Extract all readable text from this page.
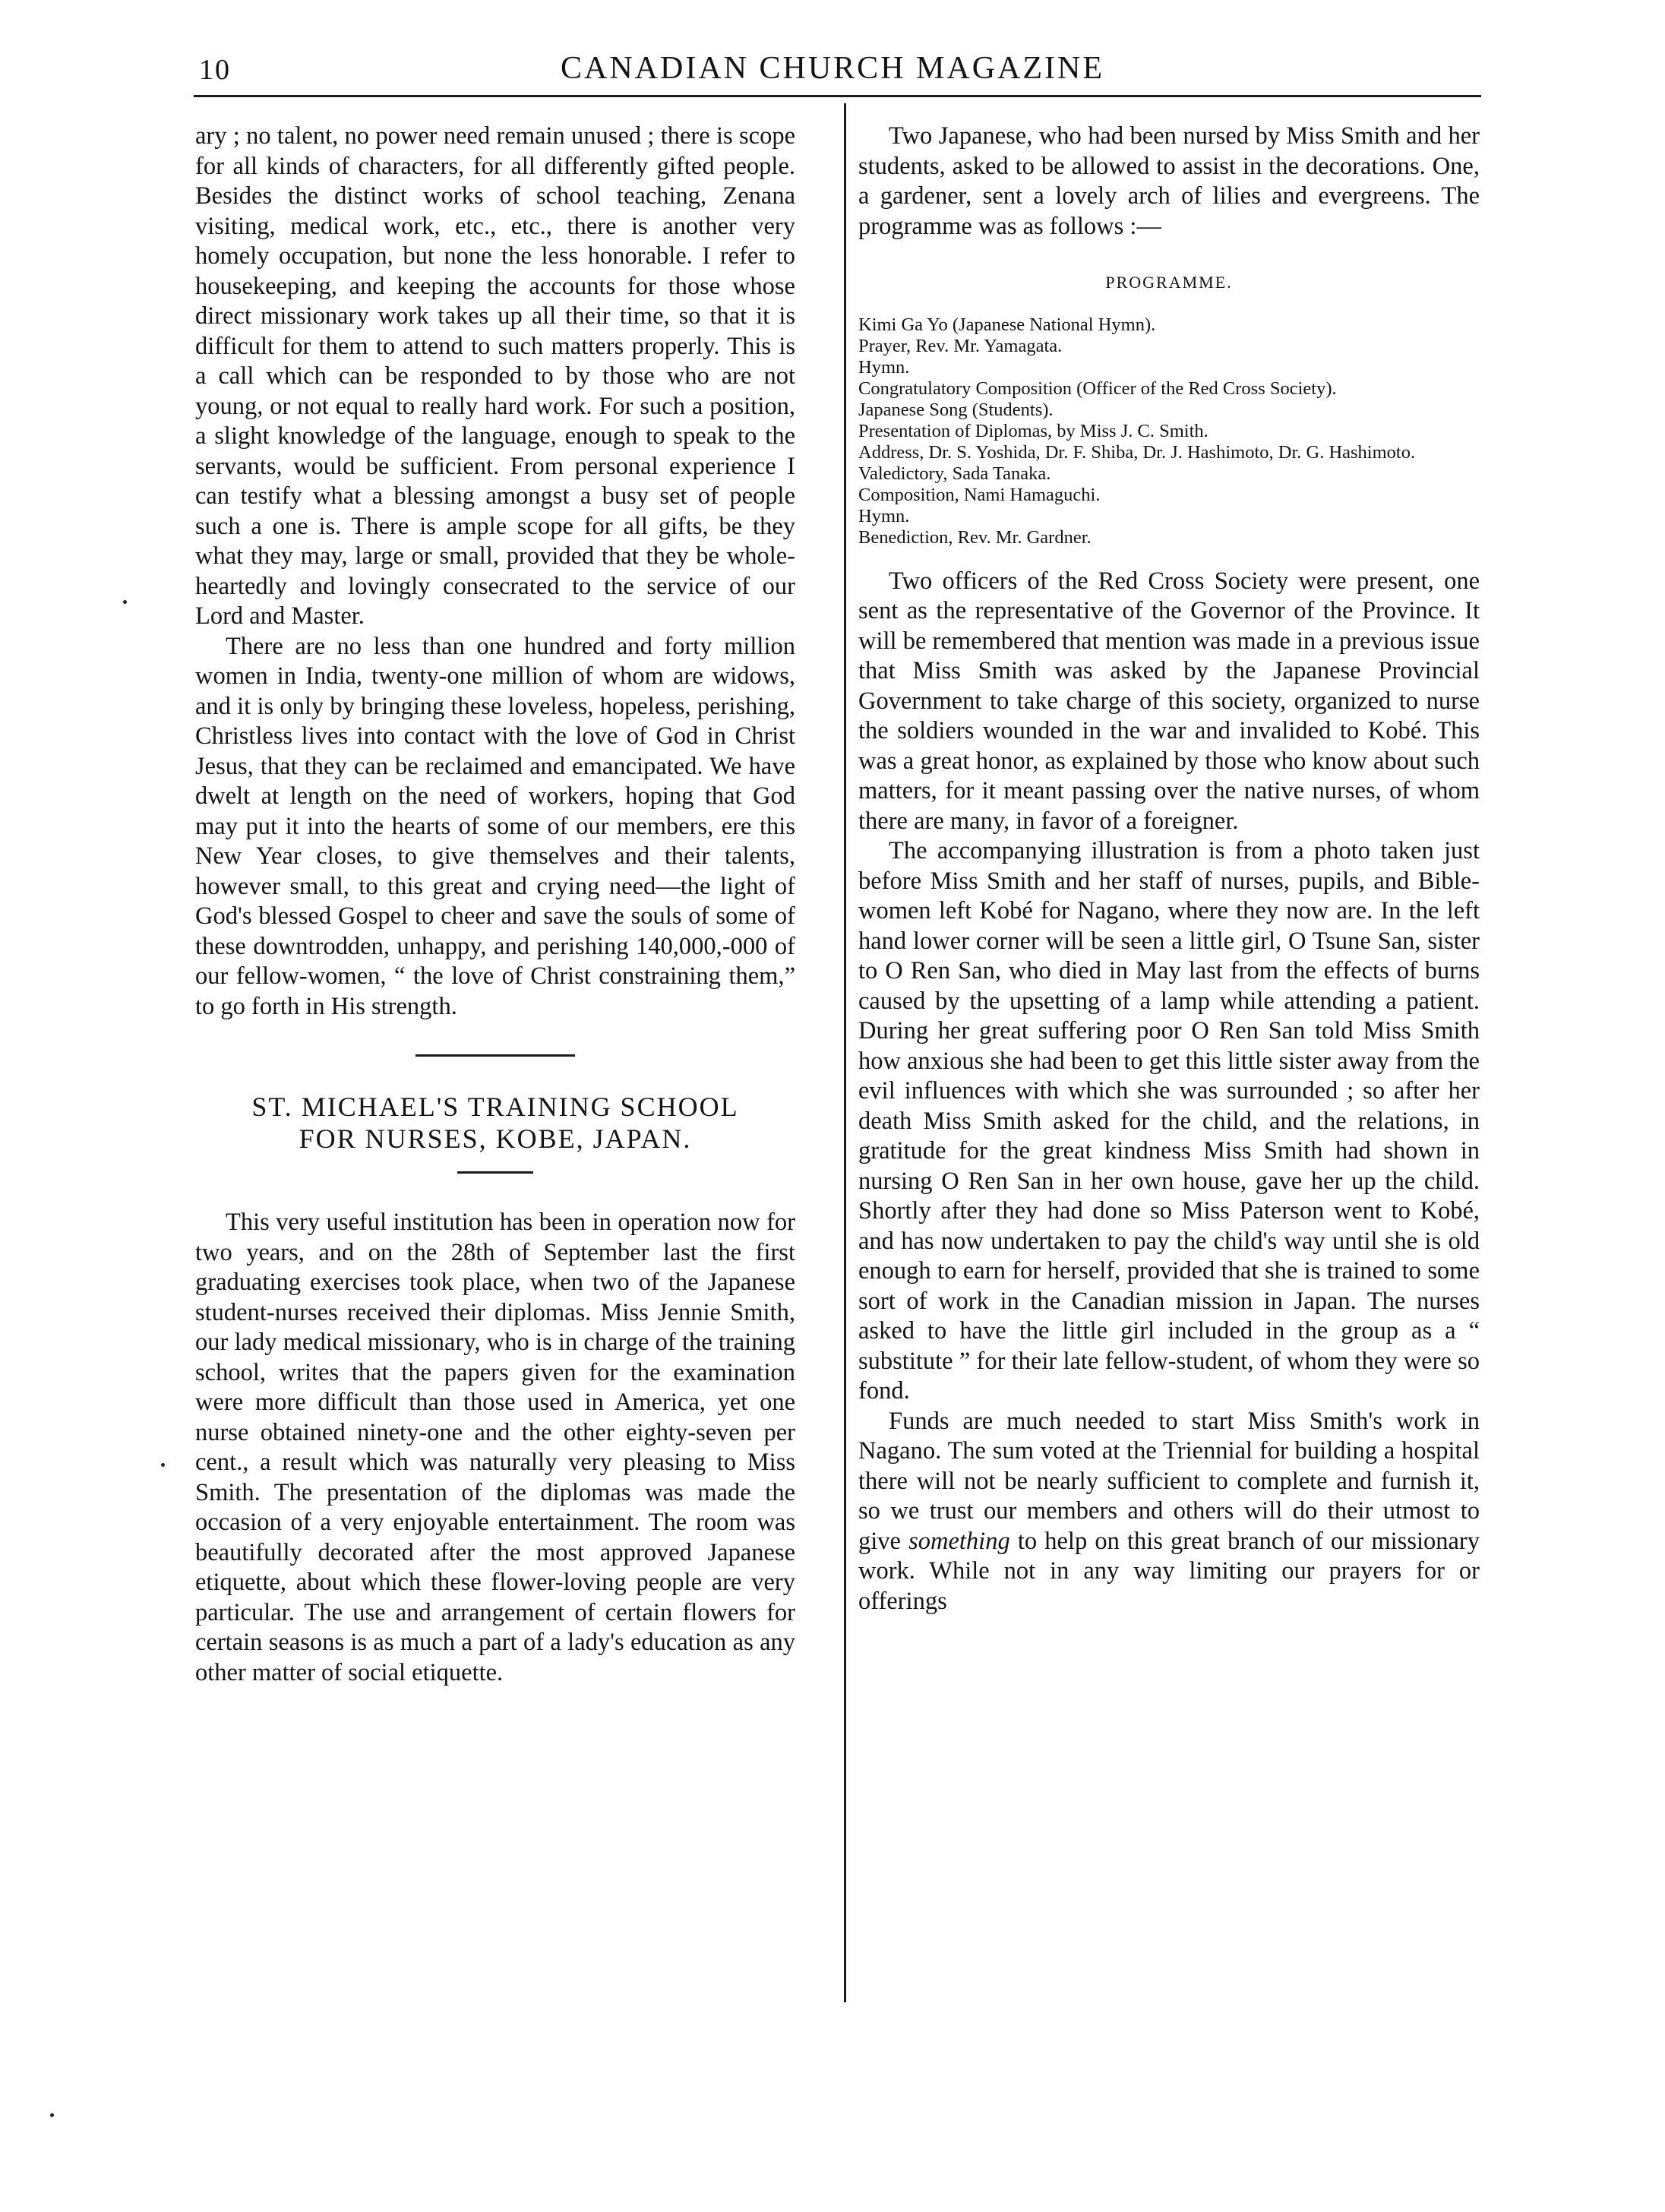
10	CANADIAN CHURCH MAGAZINE

ary ; no talent, no power need remain unused ; there is scope for all kinds of characters, for all differently gifted people. Besides the distinct works of school teaching, Zenana visiting, medical work, etc., etc., there is another very homely occupation, but none the less honorable. I refer to housekeeping, and keeping the accounts for those whose direct missionary work takes up all their time, so that it is difficult for them to attend to such matters properly. This is a call which can be responded to by those who are not young, or not equal to really hard work. For such a position, a slight knowledge of the language, enough to speak to the servants, would be sufficient. From personal experience I can testify what a blessing amongst a busy set of people such a one is. There is ample scope for all gifts, be they what they may, large or small, provided that they be whole-heartedly and lovingly consecrated to the service of our Lord and Master.

There are no less than one hundred and forty million women in India, twenty-one million of whom are widows, and it is only by bringing these loveless, hopeless, perishing, Christless lives into contact with the love of God in Christ Jesus, that they can be reclaimed and emancipated. We have dwelt at length on the need of workers, hoping that God may put it into the hearts of some of our members, ere this New Year closes, to give themselves and their talents, however small, to this great and crying need—the light of God's blessed Gospel to cheer and save the souls of some of these downtrodden, unhappy, and perishing 140,000,-000 of our fellow-women, “ the love of Christ constraining them,” to go forth in His strength.

ST. MICHAEL'S TRAINING SCHOOL
FOR NURSES, KOBE, JAPAN.

This very useful institution has been in operation now for two years, and on the 28th of September last the first graduating exercises took place, when two of the Japanese student-nurses received their diplomas. Miss Jennie Smith, our lady medical missionary, who is in charge of the training school, writes that the papers given for the examination were more difficult than those used in America, yet one nurse obtained ninety-one and the other eighty-seven per cent., a result which was naturally very pleasing to Miss Smith. The presentation of the diplomas was made the occasion of a very enjoyable entertainment. The room was beautifully decorated after the most approved Japanese etiquette, about which these flower-loving people are very particular. The use and arrangement of certain flowers for certain seasons is as much a part of a lady's education as any other matter of social etiquette.

Two Japanese, who had been nursed by Miss Smith and her students, asked to be allowed to assist in the decorations. One, a gardener, sent a lovely arch of lilies and evergreens. The programme was as follows :—

PROGRAMME.
Kimi Ga Yo (Japanese National Hymn).
Prayer, Rev. Mr. Yamagata.
Hymn.
Congratulatory Composition (Officer of the Red Cross Society).
Japanese Song (Students).
Presentation of Diplomas, by Miss J. C. Smith.
Address, Dr. S. Yoshida, Dr. F. Shiba, Dr. J. Hashimoto, Dr. G. Hashimoto.
Valedictory, Sada Tanaka.
Composition, Nami Hamaguchi.
Hymn.
Benediction, Rev. Mr. Gardner.

Two officers of the Red Cross Society were present, one sent as the representative of the Governor of the Province. It will be remembered that mention was made in a previous issue that Miss Smith was asked by the Japanese Provincial Government to take charge of this society, organized to nurse the soldiers wounded in the war and invalided to Kobé. This was a great honor, as explained by those who know about such matters, for it meant passing over the native nurses, of whom there are many, in favor of a foreigner.

The accompanying illustration is from a photo taken just before Miss Smith and her staff of nurses, pupils, and Bible-women left Kobé for Nagano, where they now are. In the left hand lower corner will be seen a little girl, O Tsune San, sister to O Ren San, who died in May last from the effects of burns caused by the upsetting of a lamp while attending a patient. During her great suffering poor O Ren San told Miss Smith how anxious she had been to get this little sister away from the evil influences with which she was surrounded ; so after her death Miss Smith asked for the child, and the relations, in gratitude for the great kindness Miss Smith had shown in nursing O Ren San in her own house, gave her up the child. Shortly after they had done so Miss Paterson went to Kobé, and has now undertaken to pay the child's way until she is old enough to earn for herself, provided that she is trained to some sort of work in the Canadian mission in Japan. The nurses asked to have the little girl included in the group as a “ substitute ” for their late fellow-student, of whom they were so fond.

Funds are much needed to start Miss Smith's work in Nagano. The sum voted at the Triennial for building a hospital there will not be nearly sufficient to complete and furnish it, so we trust our members and others will do their utmost to give something to help on this great branch of our missionary work. While not in any way limiting our prayers for or offerings
